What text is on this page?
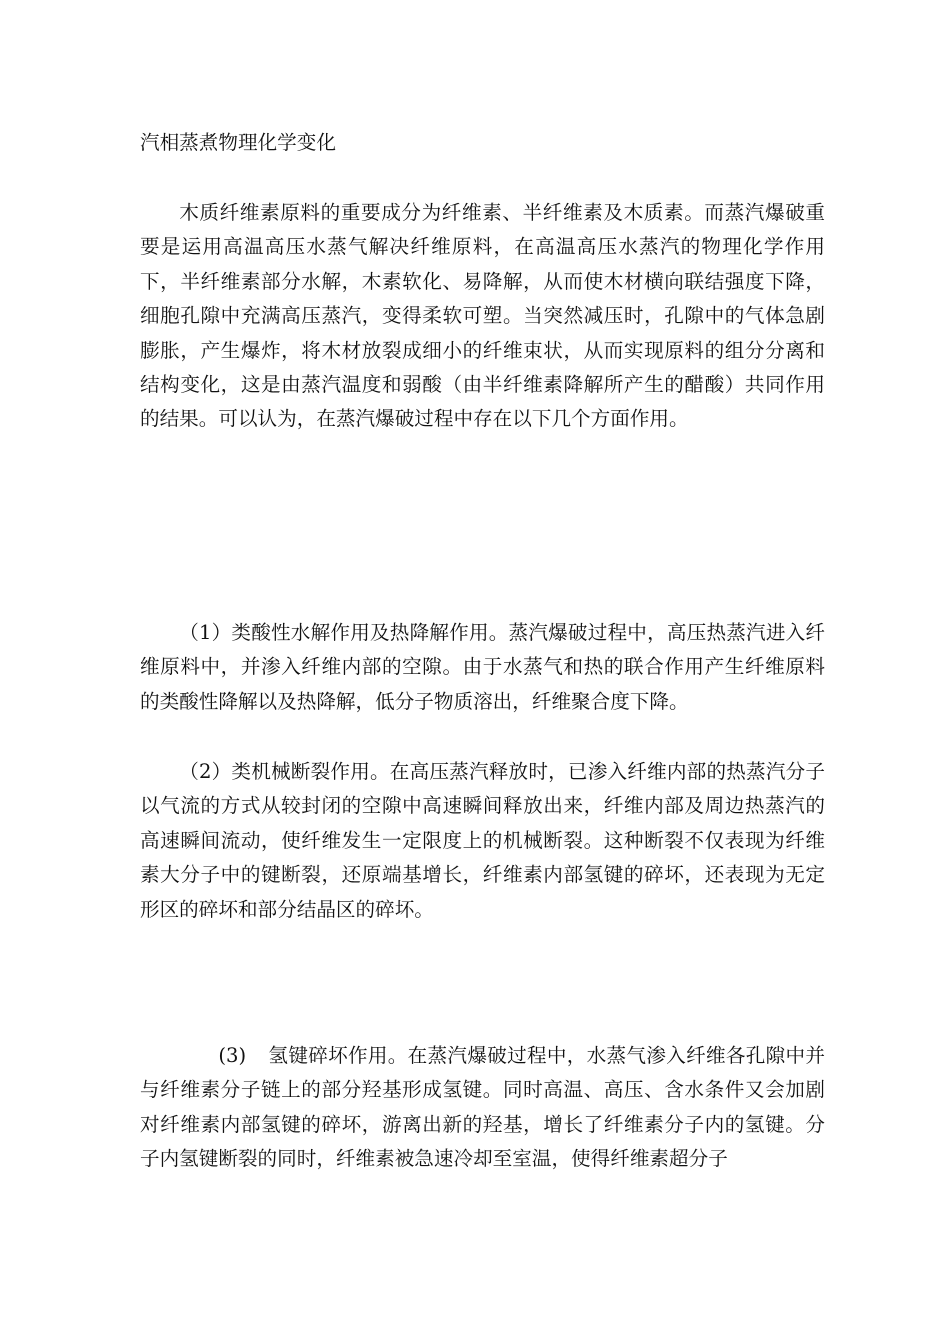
汽相蒸煮物理化学变化

木质纤维素原料的重要成分为纤维素、半纤维素及木质素。而蒸汽爆破重要是运用高温高压水蒸气解决纤维原料，在高温高压水蒸汽的物理化学作用下，半纤维素部分水解，木素软化、易降解，从而使木材横向联结强度下降，细胞孔隙中充满高压蒸汽，变得柔软可塑。当突然减压时，孔隙中的气体急剧膨胀，产生爆炸，将木材放裂成细小的纤维束状，从而实现原料的组分分离和结构变化，这是由蒸汽温度和弱酸（由半纤维素降解所产生的醋酸）共同作用的结果。可以认为，在蒸汽爆破过程中存在以下几个方面作用。

（1）类酸性水解作用及热降解作用。蒸汽爆破过程中，高压热蒸汽进入纤维原料中，并渗入纤维内部的空隙。由于水蒸气和热的联合作用产生纤维原料的类酸性降解以及热降解，低分子物质溶出，纤维聚合度下降。

（2）类机械断裂作用。在高压蒸汽释放时，已渗入纤维内部的热蒸汽分子以气流的方式从较封闭的空隙中高速瞬间释放出来，纤维内部及周边热蒸汽的高速瞬间流动，使纤维发生一定限度上的机械断裂。这种断裂不仅表现为纤维素大分子中的键断裂，还原端基增长，纤维素内部氢键的碎坏，还表现为无定形区的碎坏和部分结晶区的碎坏。

(3) 氢键碎坏作用。在蒸汽爆破过程中，水蒸气渗入纤维各孔隙中并与纤维素分子链上的部分羟基形成氢键。同时高温、高压、含水条件又会加剧对纤维素内部氢键的碎坏，游离出新的羟基，增长了纤维素分子内的氢键。分子内氢键断裂的同时，纤维素被急速冷却至室温，使得纤维素超分子
